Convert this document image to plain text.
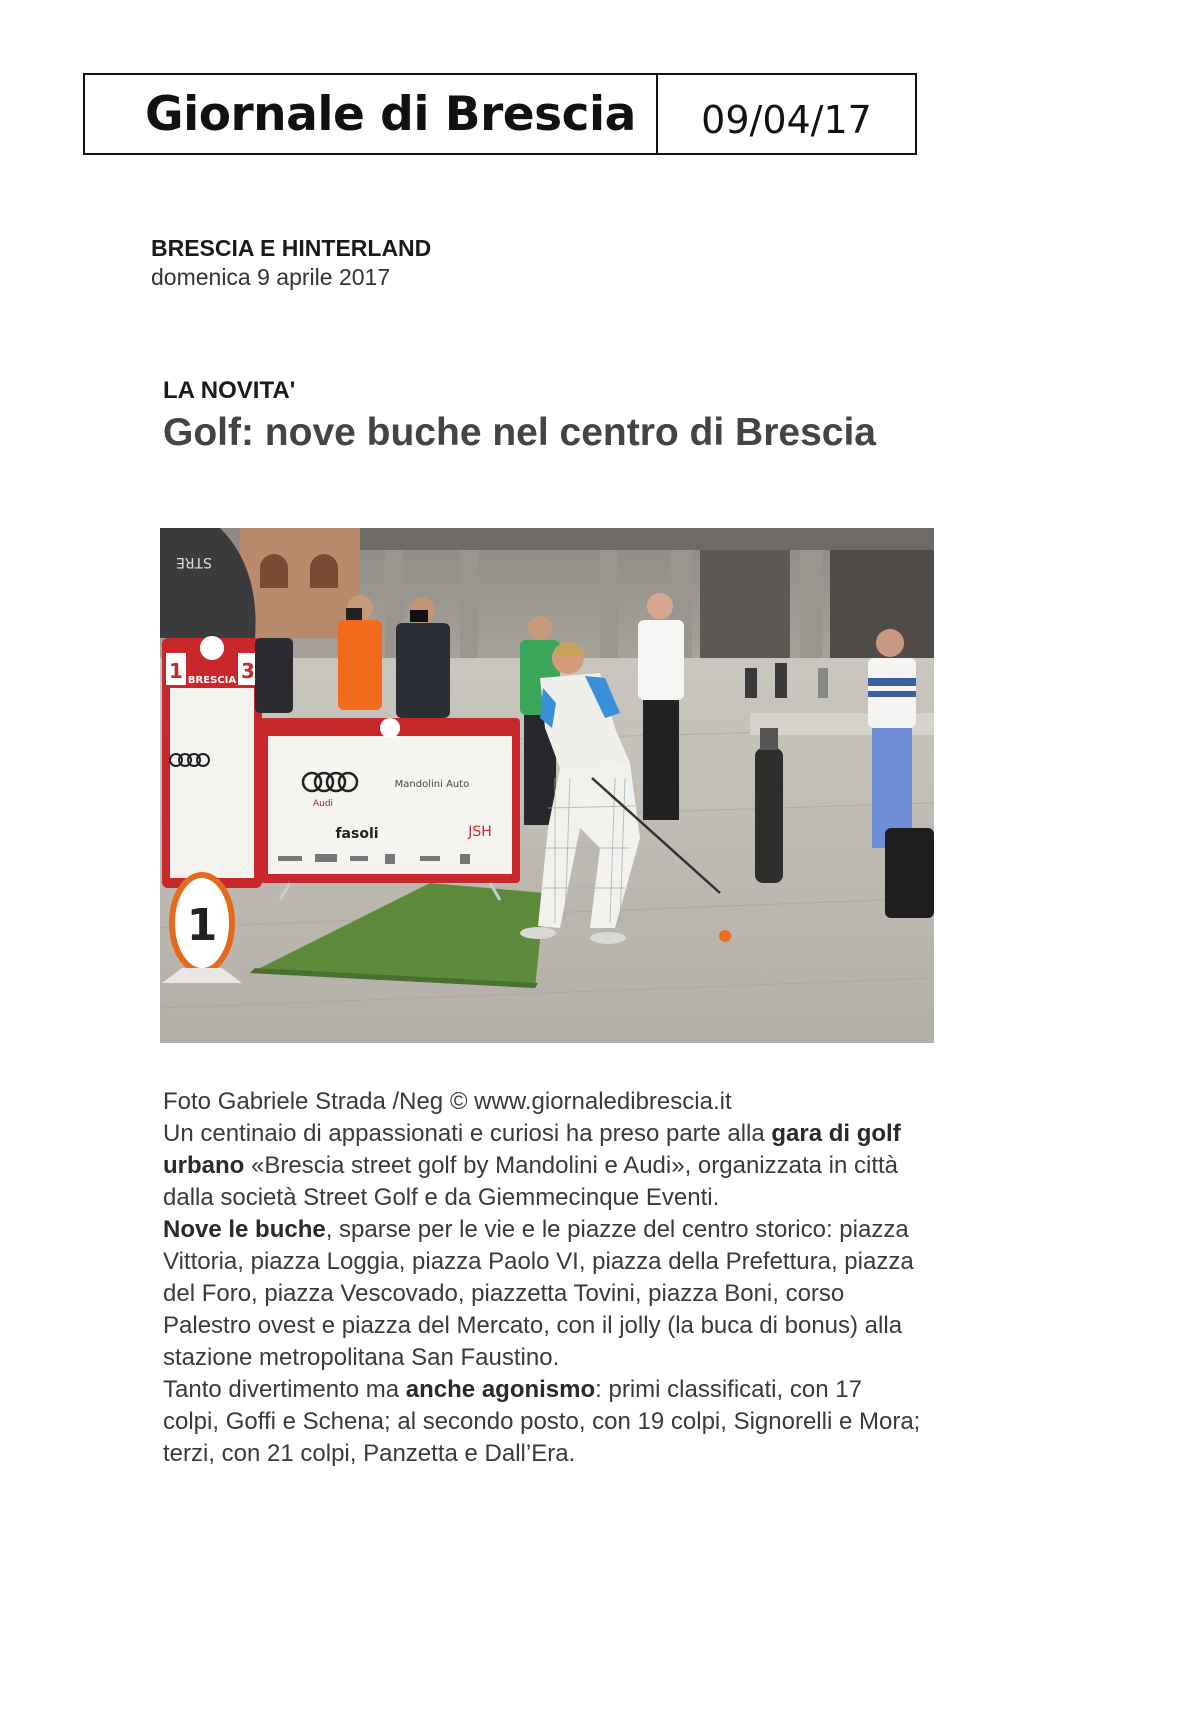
Giornale di Brescia 09/04/17
BRESCIA E HINTERLAND
domenica 9 aprile 2017
LA NOVITA'
Golf: nove buche nel centro di Brescia
STRE
1	3
BRESCIA
1
Audi
Mandolini Auto
fasoli	JSH

Foto Gabriele Strada /Neg © www.giornaledibrescia.it

Un centinaio di appassionati e curiosi ha preso parte alla gara di golf urbano «Brescia street golf by Mandolini e Audi», organizzata in città dalla società Street Golf e da Giemmecinque Eventi.

Nove le buche, sparse per le vie e le piazze del centro storico: piazza Vittoria, piazza Loggia, piazza Paolo VI, piazza della Prefettura, piazza del Foro, piazza Vescovado, piazzetta Tovini, piazza Boni, corso Palestro ovest e piazza del Mercato, con il jolly (la buca di bonus) alla stazione metropolitana San Faustino.

Tanto divertimento ma anche agonismo: primi classificati, con 17 colpi, Goffi e Schena; al secondo posto, con 19 colpi, Signorelli e Mora; terzi, con 21 colpi, Panzetta e Dall’Era.
